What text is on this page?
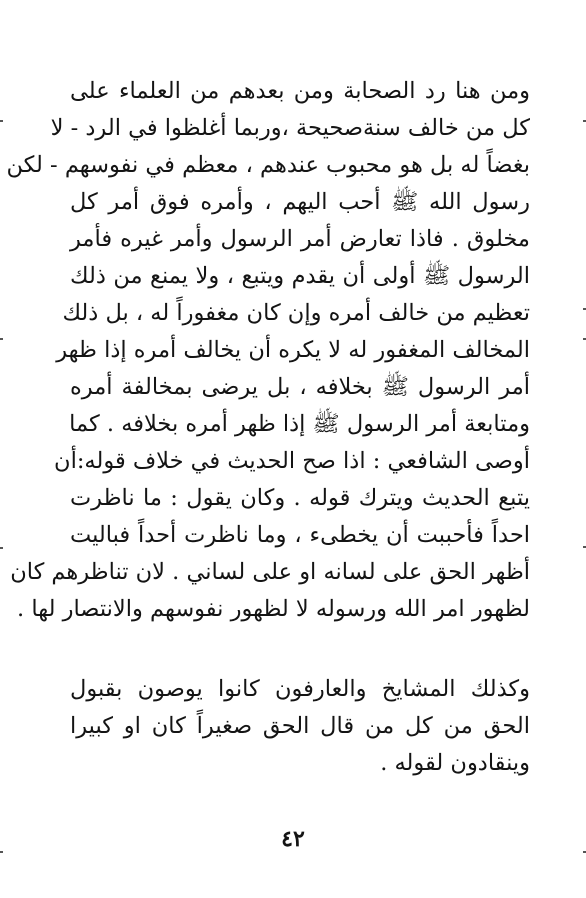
ومن هنا رد الصحابة ومن بعدهم من العلماء على
كل من خالف سنةصحيحة ،وربما أغلظوا في الرد - لا
بغضاً له بل هو محبوب عندهم ، معظم في نفوسهم - لكن
رسول الله ﷺ أحب اليهم ، وأمره فوق أمر كل
مخلوق . فاذا تعارض أمر الرسول وأمر غيره فأمر
الرسول ﷺ أولى أن يقدم ويتبع ، ولا يمنع من ذلك
تعظيم من خالف أمره وإن كان مغفوراً له ، بل ذلك
المخالف المغفور له لا يكره أن يخالف أمره إذا ظهر
أمر الرسول ﷺ بخلافه ، بل يرضى بمخالفة أمره
ومتابعة أمر الرسول ﷺ إذا ظهر أمره بخلافه . كما
أوصى الشافعي : اذا صح الحديث في خلاف قوله:أن
يتبع الحديث ويترك قوله . وكان يقول : ما ناظرت
احداً فأحببت أن يخطىء ، وما ناظرت أحداً فباليت
أظهر الحق على لسانه او على لساني . لان تناظرهم كان
لظهور امر الله ورسوله لا لظهور نفوسهم والانتصار لها .
وكذلك المشايخ والعارفون كانوا يوصون بقبول
الحق من كل من قال الحق صغيراً كان او كبيرا
وينقادون لقوله .
٤٢
